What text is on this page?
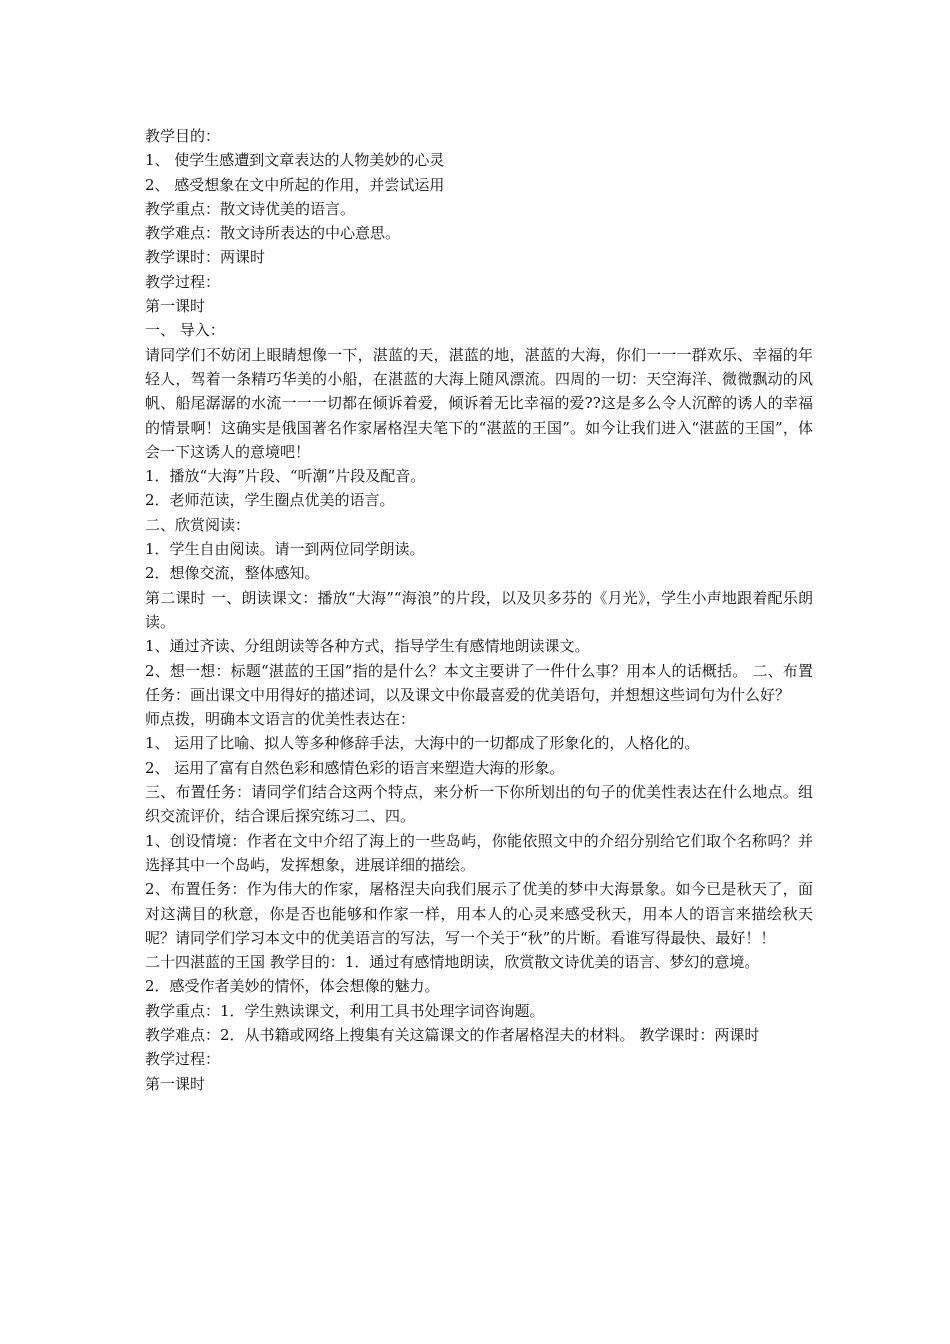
教学目的：

1、 使学生感遭到文章表达的人物美妙的心灵

2、 感受想象在文中所起的作用，并尝试运用

教学重点：散文诗优美的语言。

教学难点：散文诗所表达的中心意思。

教学课时：两课时

教学过程：

第一课时

一、 导入：

请同学们不妨闭上眼睛想像一下，湛蓝的天，湛蓝的地，湛蓝的大海，你们一一一群欢乐、幸福的年轻人，驾着一条精巧华美的小船，在湛蓝的大海上随风漂流。四周的一切：天空海洋、微微飘动的风帆、船尾潺潺的水流一一一切都在倾诉着爱，倾诉着无比幸福的爱??这是多么令人沉醉的诱人的幸福的情景啊！这确实是俄国著名作家屠格涅夫笔下的“湛蓝的王国”。如今让我们进入“湛蓝的王国”，体会一下这诱人的意境吧！

1．播放“大海”片段、“听潮”片段及配音。

2．老师范读，学生圈点优美的语言。

二、欣赏阅读：

1．学生自由阅读。请一到两位同学朗读。

2．想像交流，整体感知。

第二课时 一、朗读课文：播放“大海”“海浪”的片段，以及贝多芬的《月光》，学生小声地跟着配乐朗读。

1、通过齐读、分组朗读等各种方式，指导学生有感情地朗读课文。

2、想一想：标题“湛蓝的王国”指的是什么？本文主要讲了一件什么事？用本人的话概括。 二、布置任务：画出课文中用得好的描述词，以及课文中你最喜爱的优美语句，并想想这些词句为什么好？

师点拨，明确本文语言的优美性表达在：

1、 运用了比喻、拟人等多种修辞手法，大海中的一切都成了形象化的，人格化的。

2、 运用了富有自然色彩和感情色彩的语言来塑造大海的形象。

三、布置任务：请同学们结合这两个特点，来分析一下你所划出的句子的优美性表达在什么地点。组织交流评价，结合课后探究练习二、四。

1、创设情境：作者在文中介绍了海上的一些岛屿，你能依照文中的介绍分别给它们取个名称吗？并选择其中一个岛屿，发挥想象，进展详细的描绘。

2、布置任务：作为伟大的作家，屠格涅夫向我们展示了优美的梦中大海景象。如今已是秋天了，面对这满目的秋意，你是否也能够和作家一样，用本人的心灵来感受秋天，用本人的语言来描绘秋天呢？请同学们学习本文中的优美语言的写法，写一个关于“秋”的片断。看谁写得最快、最好！！

二十四湛蓝的王国 教学目的：1．通过有感情地朗读，欣赏散文诗优美的语言、梦幻的意境。

2．感受作者美妙的情怀，体会想像的魅力。

教学重点：1．学生熟读课文，利用工具书处理字词咨询题。

教学难点：2．从书籍或网络上搜集有关这篇课文的作者屠格涅夫的材料。 教学课时：两课时

教学过程：

第一课时
